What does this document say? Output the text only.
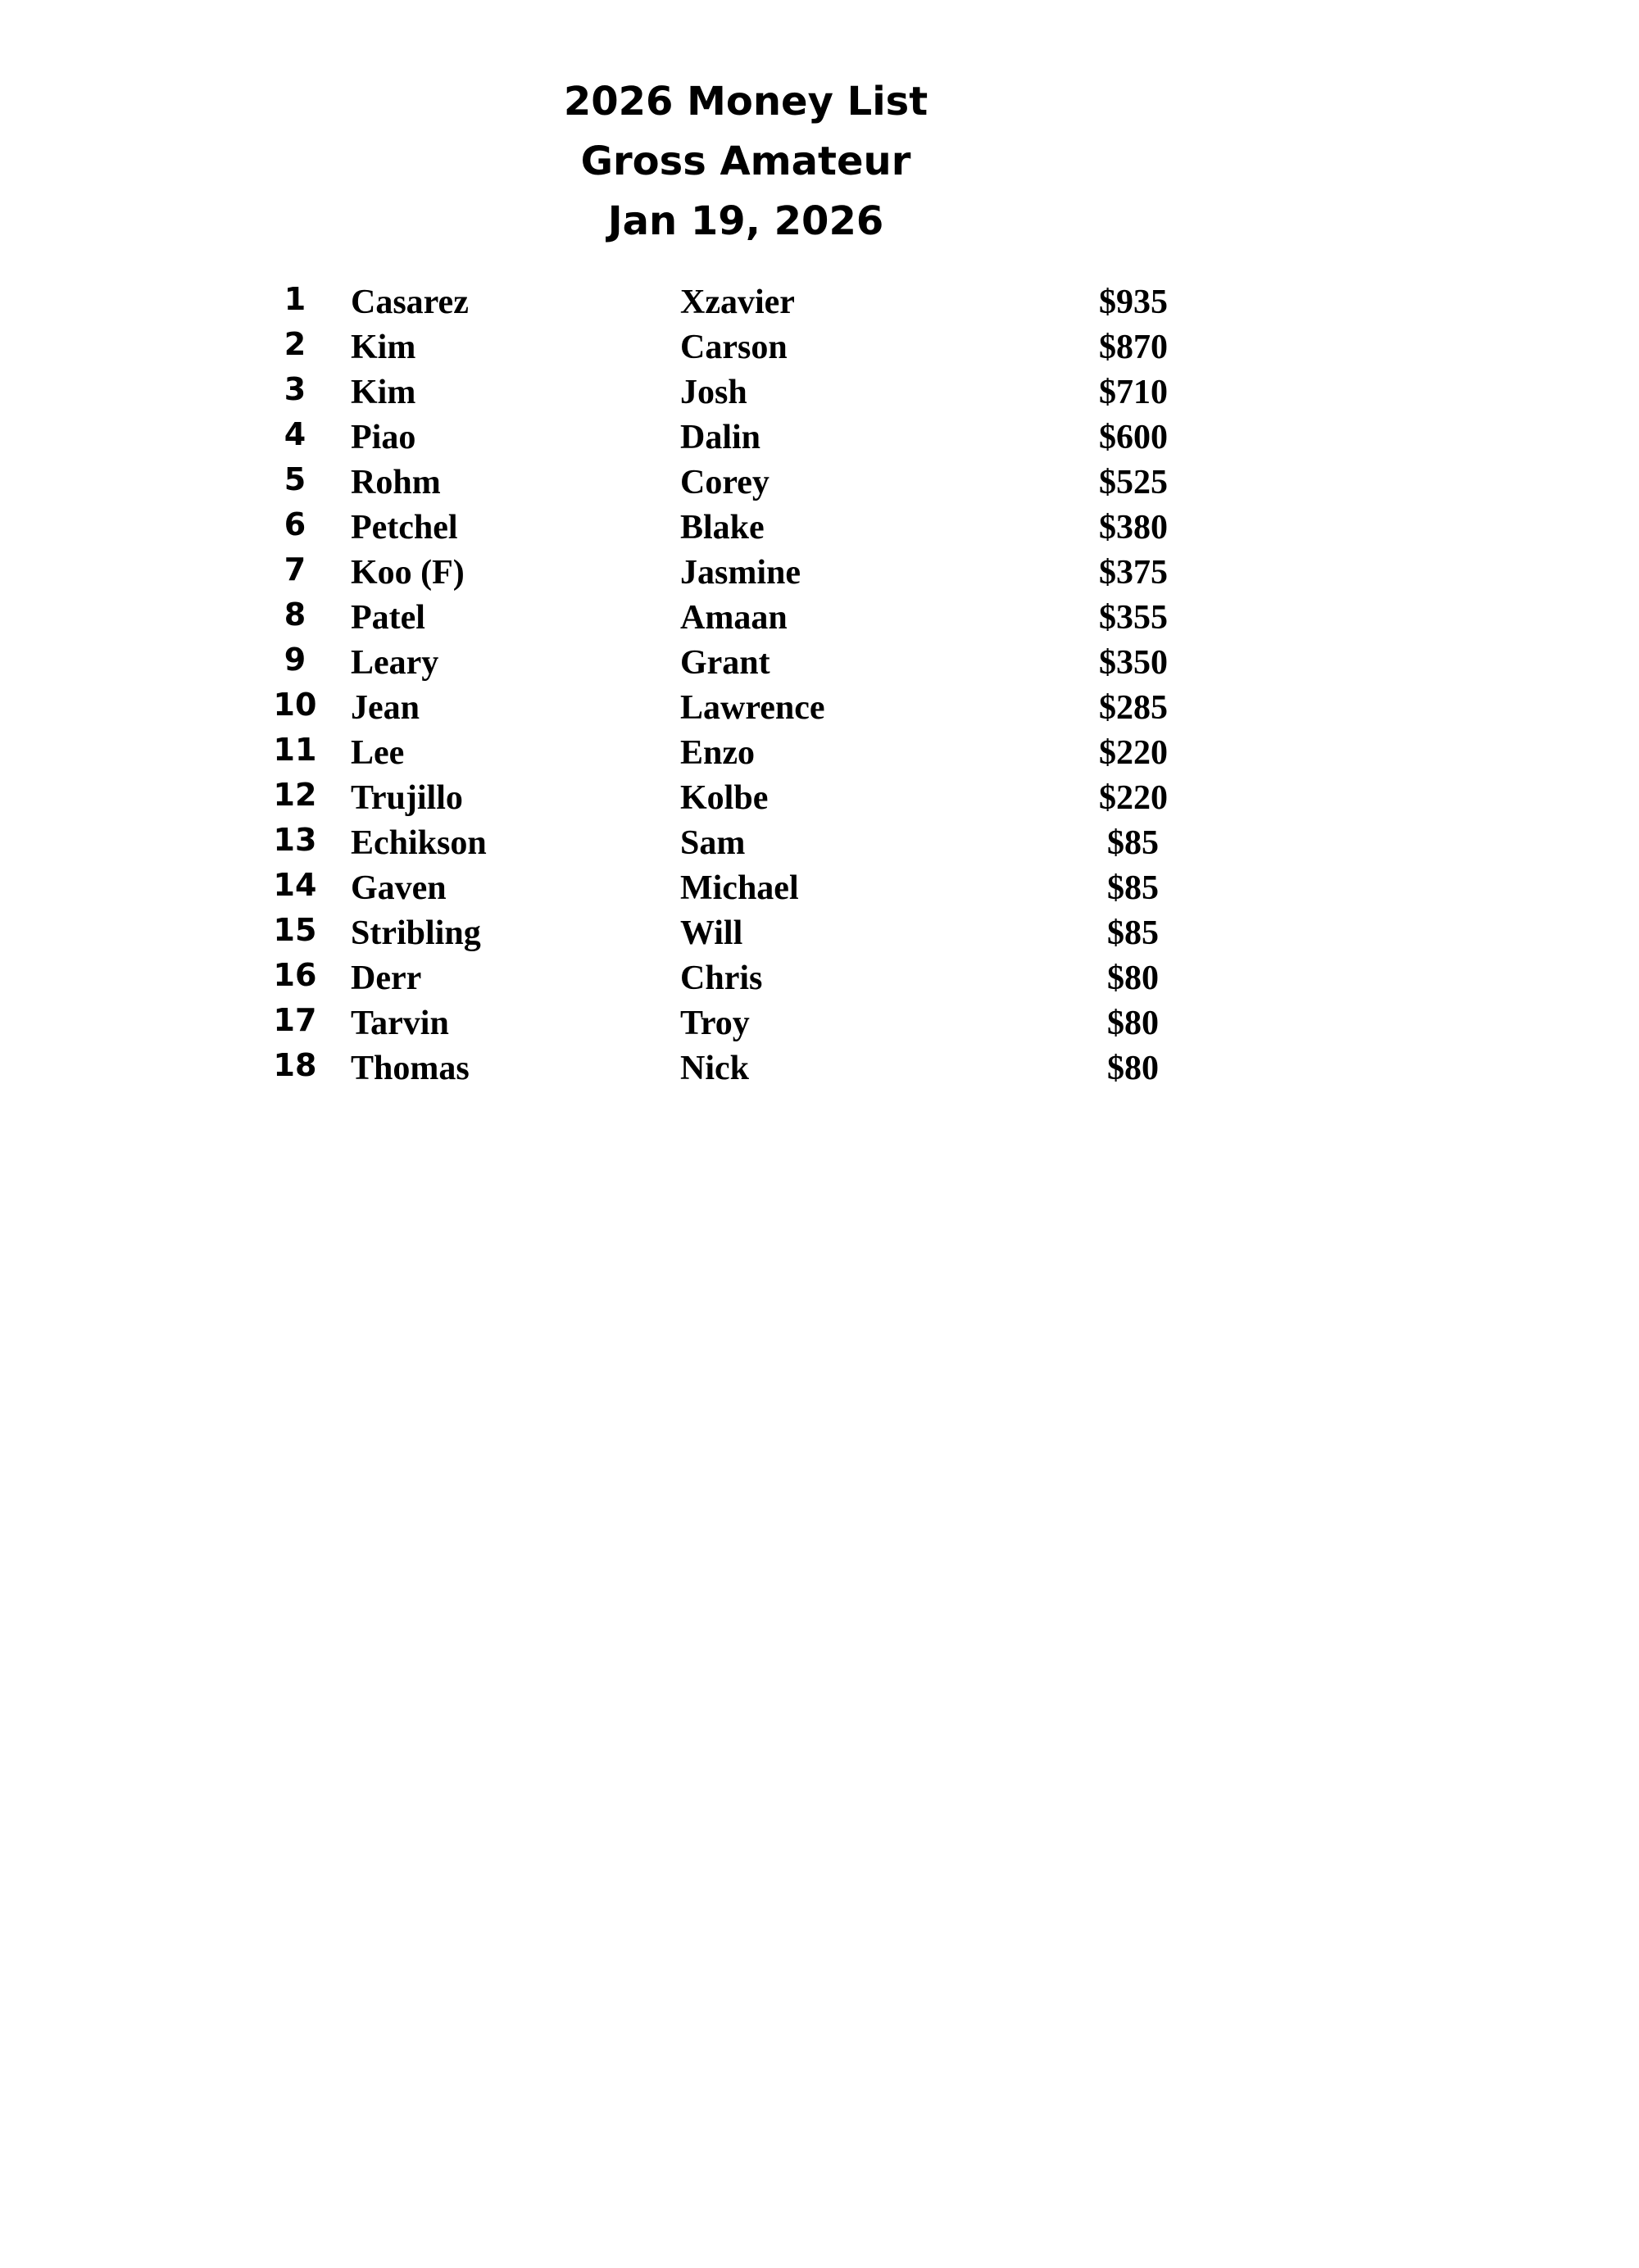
2026 Money List
Gross Amateur
Jan 19, 2026
1	Casarez	Xzavier	$935
2	Kim	Carson	$870
3	Kim	Josh	$710
4	Piao	Dalin	$600
5	Rohm	Corey	$525
6	Petchel	Blake	$380
7	Koo (F)	Jasmine	$375
8	Patel	Amaan	$355
9	Leary	Grant	$350
10 Jean	Lawrence	$285
11 Lee	Enzo	$220
12 Trujillo	Kolbe	$220
13 Echikson	Sam	$85
14 Gaven	Michael	$85
15 Stribling	Will	$85
16 Derr	Chris	$80
17 Tarvin	Troy	$80
18 Thomas	Nick	$80
